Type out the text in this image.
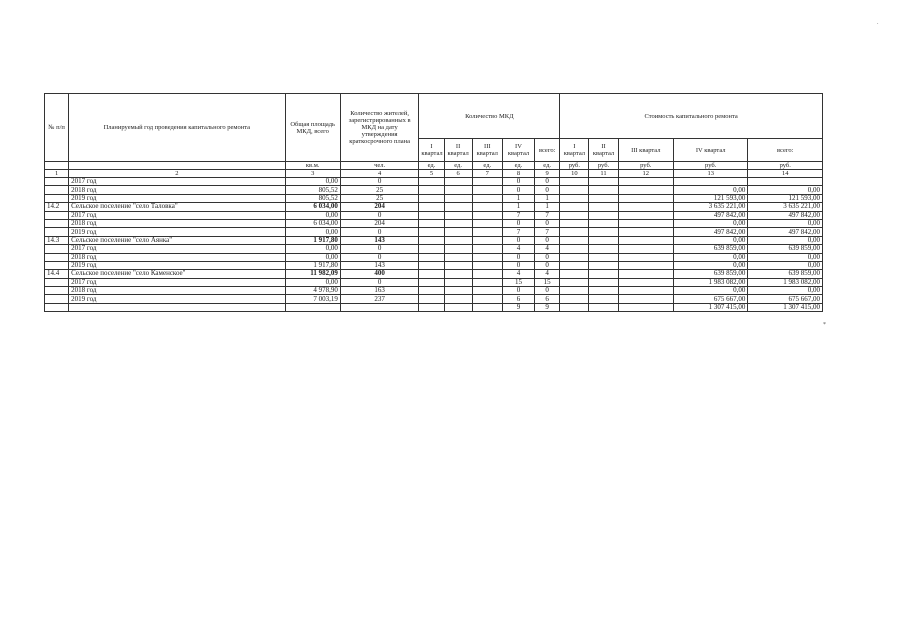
№ п/п	Планируемый год проведения капитального ремонта	Общая площадь МКД, всего	Количество жителей, зарегистрированных в МКД на дату утверждения краткосрочного плана	Количество МКД					Стоимость капитального ремонта				
				I квартал	II квартал	III квартал	IV квартал	всего:	I квартал	II квартал	III квартал	IV квартал	всего:
		кв.м.	чел.	ед.	ед.	ед.	ед.	ед.	руб.	руб.	руб.	руб.	руб.
1	2	3	4	5	6	7	8	9	10	11	12	13	14
	2017 год	0,00	0				0	0					
	2018 год	805,52	25				0	0				0,00	0,00
	2019 год	805,52	25				1	1				121 593,00	121 593,00
14.2	Сельское поселение "село Таловка"	6 034,00	204				1	1				3 635 221,00	3 635 221,00
	2017 год	0,00	0				7	7				497 842,00	497 842,00
	2018 год	6 034,00	204				0	0				0,00	0,00
	2019 год	0,00	0				7	7				497 842,00	497 842,00
14.3	Сельское поселение "село Аянка"	1 917,80	143				0	0				0,00	0,00
	2017 год	0,00	0				4	4				639 859,00	639 859,00
	2018 год	0,00	0				0	0				0,00	0,00
	2019 год	1 917,80	143				0	0				0,00	0,00
14.4	Сельское поселение "село Каменское"	11 982,09	400				4	4				639 859,00	639 859,00
	2017 год	0,00	0				15	15				1 983 082,00	1 983 082,00
	2018 год	4 978,90	163				0	0				0,00	0,00
	2019 год	7 003,19	237				6	6				675 667,00	675 667,00
							9	9				1 307 415,00	1 307 415,00
*
.
